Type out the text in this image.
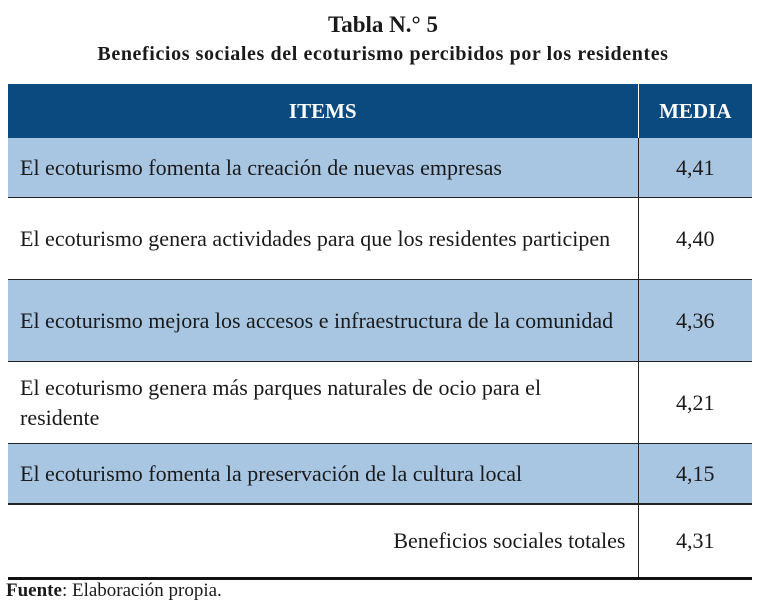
Tabla N.° 5
Beneficios sociales del ecoturismo percibidos por los residentes
ITEMS	MEDIA
El ecoturismo fomenta la creación de nuevas empresas	4,41
El ecoturismo genera actividades para que los residentes participen	4,40
El ecoturismo mejora los accesos e infraestructura de la comunidad	4,36
El ecoturismo genera más parques naturales de ocio para el residente	4,21
El ecoturismo fomenta la preservación de la cultura local	4,15
Beneficios sociales totales	4,31
Fuente: Elaboración propia.
